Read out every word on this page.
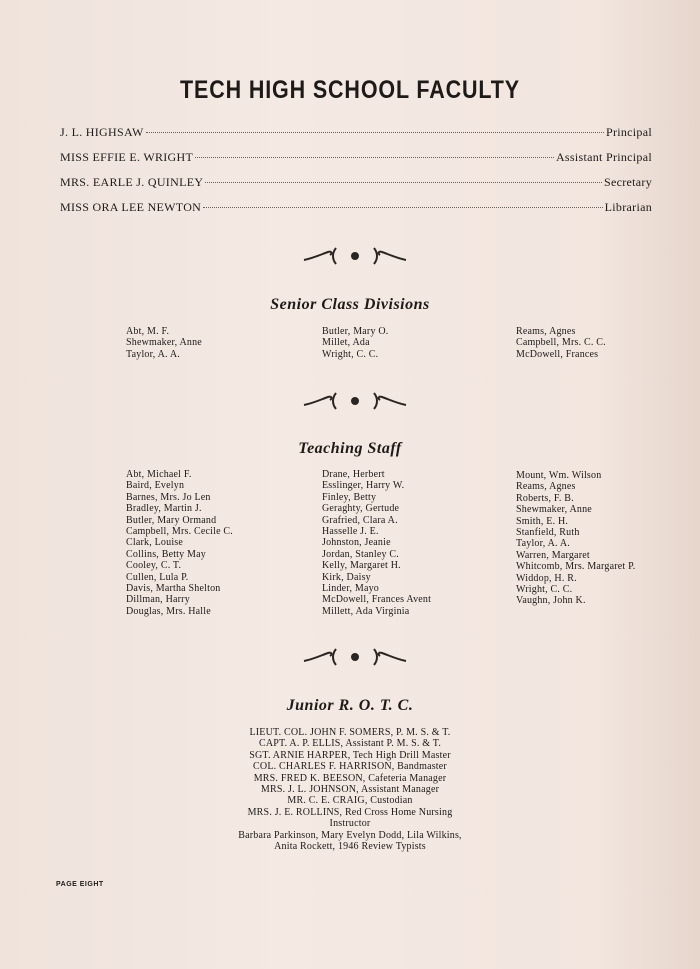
TECH HIGH SCHOOL FACULTY
J. L. HIGHSAW	Principal
MISS EFFIE E. WRIGHT	Assistant Principal
MRS. EARLE J. QUINLEY	Secretary
MISS ORA LEE NEWTON	Librarian
Senior Class Divisions
Abt, M. F.
Shewmaker, Anne
Taylor, A. A.
Butler, Mary O.
Millet, Ada
Wright, C. C.
Reams, Agnes
Campbell, Mrs. C. C.
McDowell, Frances
Teaching Staff
Abt, Michael F.
Baird, Evelyn
Barnes, Mrs. Jo Len
Bradley, Martin J.
Butler, Mary Ormand
Campbell, Mrs. Cecile C.
Clark, Louise
Collins, Betty May
Cooley, C. T.
Cullen, Lula P.
Davis, Martha Shelton
Dillman, Harry
Douglas, Mrs. Halle
Drane, Herbert
Esslinger, Harry W.
Finley, Betty
Geraghty, Gertude
Grafried, Clara A.
Hasselle J. E.
Johnston, Jeanie
Jordan, Stanley C.
Kelly, Margaret H.
Kirk, Daisy
Linder, Mayo
McDowell, Frances Avent
Millett, Ada Virginia
Mount, Wm. Wilson
Reams, Agnes
Roberts, F. B.
Shewmaker, Anne
Smith, E. H.
Stanfield, Ruth
Taylor, A. A.
Warren, Margaret
Whitcomb, Mrs. Margaret P.
Widdop, H. R.
Wright, C. C.
Vaughn, John K.
Junior R. O. T. C.
LIEUT. COL. JOHN F. SOMERS, P. M. S. & T.
CAPT. A. P. ELLIS, Assistant P. M. S. & T.
SGT. ARNIE HARPER, Tech High Drill Master
COL. CHARLES F. HARRISON, Bandmaster
MRS. FRED K. BEESON, Cafeteria Manager
MRS. J. L. JOHNSON, Assistant Manager
MR. C. E. CRAIG, Custodian
MRS. J. E. ROLLINS, Red Cross Home Nursing
Instructor
Barbara Parkinson, Mary Evelyn Dodd, Lila Wilkins,
Anita Rockett, 1946 Review Typists
PAGE EIGHT
